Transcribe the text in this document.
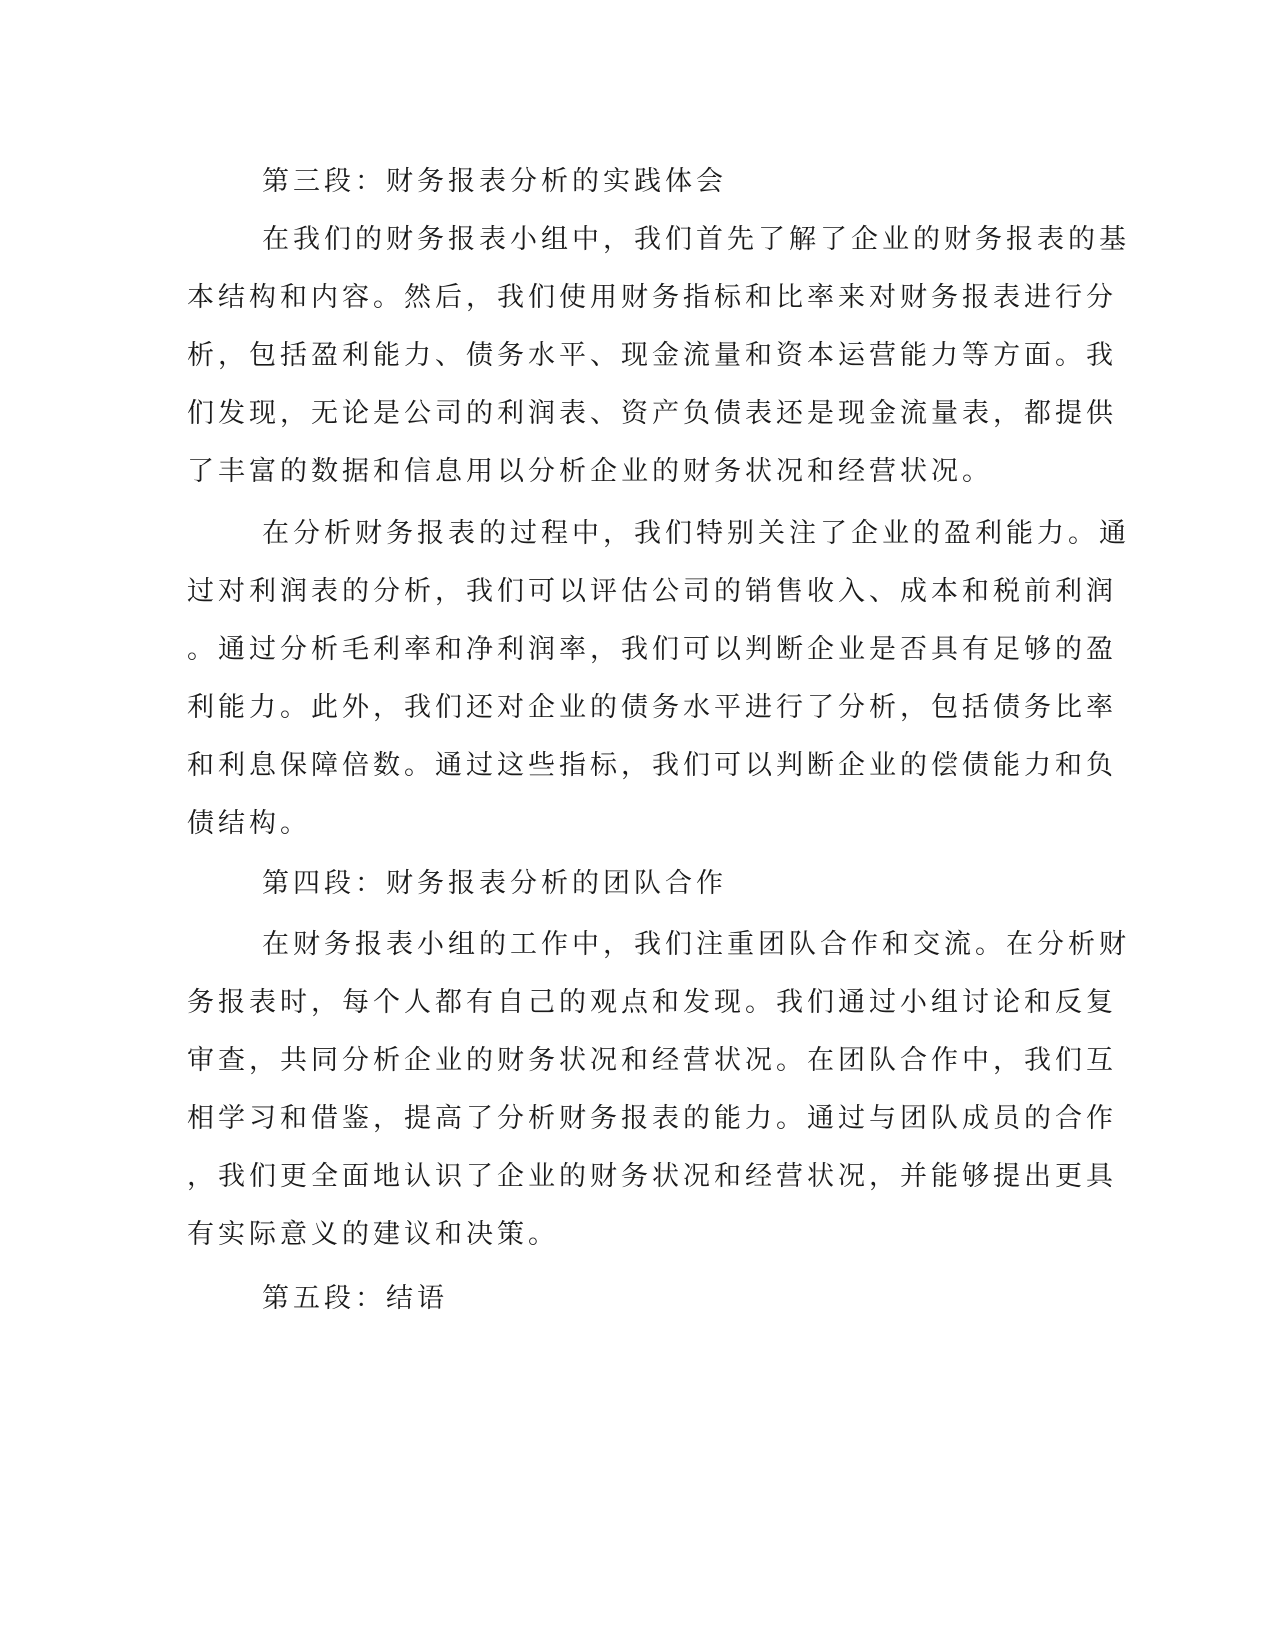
第三段：财务报表分析的实践体会
在我们的财务报表小组中，我们首先了解了企业的财务报表的基
本结构和内容。然后，我们使用财务指标和比率来对财务报表进行分
析，包括盈利能力、债务水平、现金流量和资本运营能力等方面。我
们发现，无论是公司的利润表、资产负债表还是现金流量表，都提供
了丰富的数据和信息用以分析企业的财务状况和经营状况。
在分析财务报表的过程中，我们特别关注了企业的盈利能力。通
过对利润表的分析，我们可以评估公司的销售收入、成本和税前利润
。通过分析毛利率和净利润率，我们可以判断企业是否具有足够的盈
利能力。此外，我们还对企业的债务水平进行了分析，包括债务比率
和利息保障倍数。通过这些指标，我们可以判断企业的偿债能力和负
债结构。
第四段：财务报表分析的团队合作
在财务报表小组的工作中，我们注重团队合作和交流。在分析财
务报表时，每个人都有自己的观点和发现。我们通过小组讨论和反复
审查，共同分析企业的财务状况和经营状况。在团队合作中，我们互
相学习和借鉴，提高了分析财务报表的能力。通过与团队成员的合作
，我们更全面地认识了企业的财务状况和经营状况，并能够提出更具
有实际意义的建议和决策。
第五段：结语
